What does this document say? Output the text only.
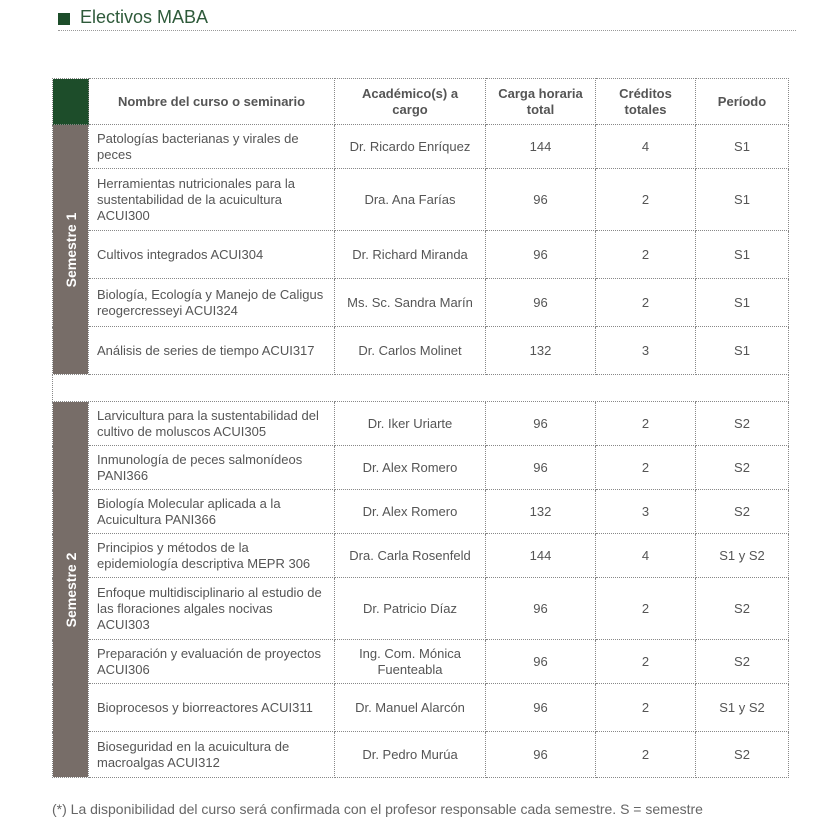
Electivos MABA
	Nombre del curso o seminario	Académico(s) a cargo	Carga horaria total	Créditos totales	Período

Semestre 1	Patologías bacterianas y virales de peces	Dr. Ricardo Enríquez	144	4	S1
	Herramientas nutricionales para la sustentabilidad de la acuicultura ACUI300	Dra. Ana Farías	96	2	S1
	Cultivos integrados ACUI304	Dr. Richard Miranda	96	2	S1
	Biología, Ecología y Manejo de Caligus reogercresseyi ACUI324	Ms. Sc. Sandra Marín	96	2	S1
	Análisis de series de tiempo ACUI317	Dr. Carlos Molinet	132	3	S1

Semestre 2	Larvicultura para la sustentabilidad del cultivo de moluscos ACUI305	Dr. Iker Uriarte	96	2	S2
	Inmunología de peces salmonídeos PANI366	Dr. Alex Romero	96	2	S2
	Biología Molecular aplicada a la Acuicultura PANI366	Dr. Alex Romero	132	3	S2
	Principios y métodos de la epidemiología descriptiva MEPR 306	Dra. Carla Rosenfeld	144	4	S1 y S2
	Enfoque multidisciplinario al estudio de las floraciones algales nocivas ACUI303	Dr. Patricio Díaz	96	2	S2
	Preparación y evaluación de proyectos ACUI306	Ing. Com. Mónica Fuenteabla	96	2	S2
	Bioprocesos y biorreactores ACUI311	Dr. Manuel Alarcón	96	2	S1 y S2
	Bioseguridad en la acuicultura de macroalgas ACUI312	Dr. Pedro Murúa	96	2	S2
(*) La disponibilidad del curso será confirmada con el profesor responsable cada semestre. S = semestre
